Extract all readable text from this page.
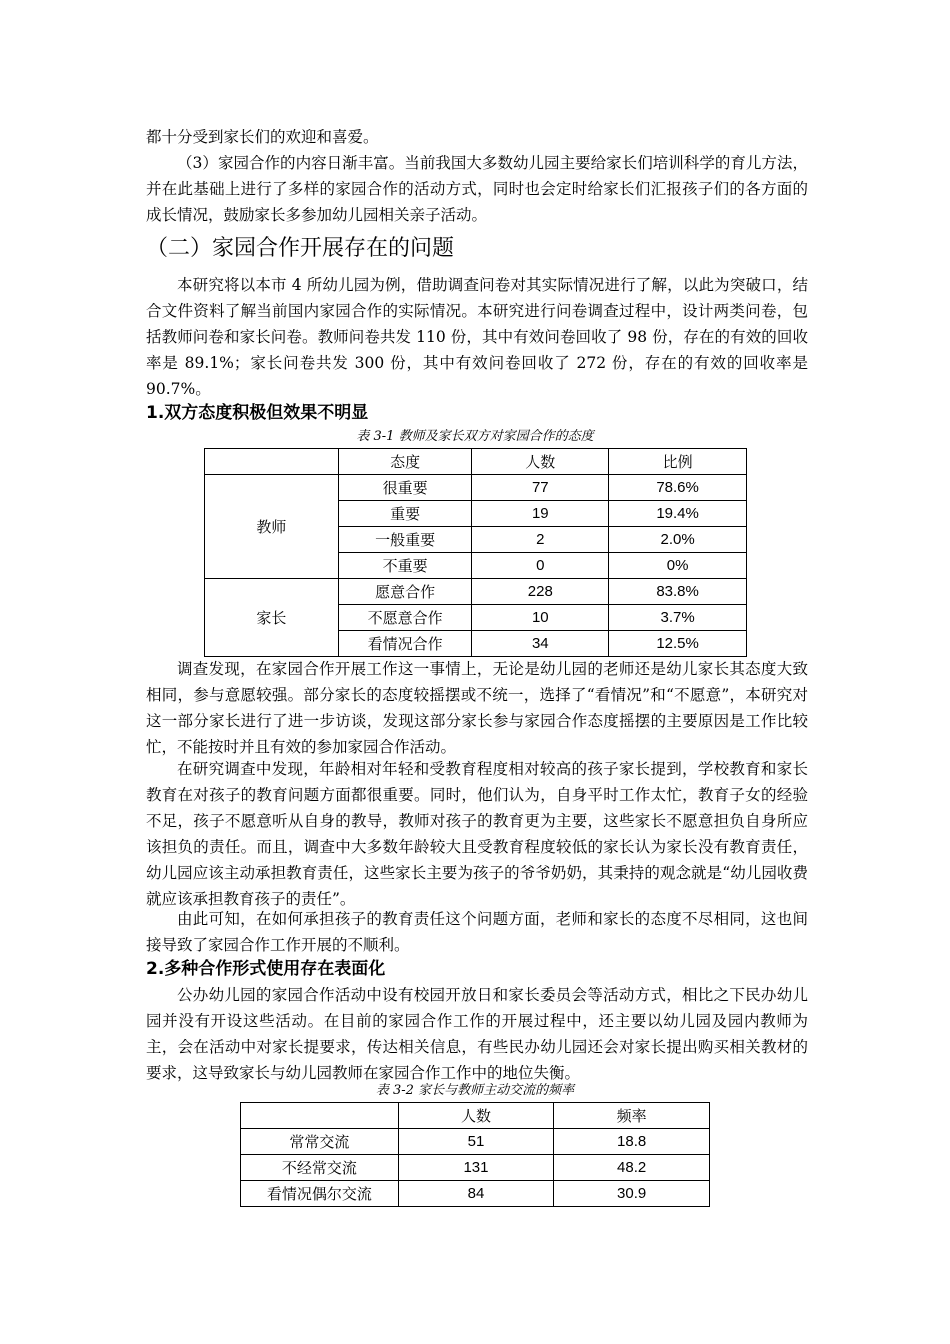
都十分受到家长们的欢迎和喜爱。

（3）家园合作的内容日渐丰富。当前我国大多数幼儿园主要给家长们培训科学的育儿方法，并在此基础上进行了多样的家园合作的活动方式，同时也会定时给家长们汇报孩子们的各方面的成长情况，鼓励家长多参加幼儿园相关亲子活动。

（二）家园合作开展存在的问题

本研究将以本市 4 所幼儿园为例，借助调查问卷对其实际情况进行了解，以此为突破口，结合文件资料了解当前国内家园合作的实际情况。本研究进行问卷调查过程中，设计两类问卷，包括教师问卷和家长问卷。教师问卷共发 110 份，其中有效问卷回收了 98 份，存在的有效的回收率是 89.1%；家长问卷共发 300 份，其中有效问卷回收了 272 份，存在的有效的回收率是 90.7%。

1.双方态度积极但效果不明显

表 3-1 教师及家长双方对家园合作的态度

	态度	人数	比例
教师	很重要	77	78.6%
	重要	19	19.4%
	一般重要	2	2.0%
	不重要	0	0%
家长	愿意合作	228	83.8%
	不愿意合作	10	3.7%
	看情况合作	34	12.5%

调查发现，在家园合作开展工作这一事情上，无论是幼儿园的老师还是幼儿家长其态度大致相同，参与意愿较强。部分家长的态度较摇摆或不统一，选择了“看情况”和“不愿意”，本研究对这一部分家长进行了进一步访谈，发现这部分家长参与家园合作态度摇摆的主要原因是工作比较忙，不能按时并且有效的参加家园合作活动。

在研究调查中发现，年龄相对年轻和受教育程度相对较高的孩子家长提到，学校教育和家长教育在对孩子的教育问题方面都很重要。同时，他们认为，自身平时工作太忙，教育子女的经验不足，孩子不愿意听从自身的教导，教师对孩子的教育更为主要，这些家长不愿意担负自身所应该担负的责任。而且，调查中大多数年龄较大且受教育程度较低的家长认为家长没有教育责任，幼儿园应该主动承担教育责任，这些家长主要为孩子的爷爷奶奶，其秉持的观念就是“幼儿园收费就应该承担教育孩子的责任”。

由此可知，在如何承担孩子的教育责任这个问题方面，老师和家长的态度不尽相同，这也间接导致了家园合作工作开展的不顺利。

2.多种合作形式使用存在表面化

公办幼儿园的家园合作活动中设有校园开放日和家长委员会等活动方式，相比之下民办幼儿园并没有开设这些活动。在目前的家园合作工作的开展过程中，还主要以幼儿园及园内教师为主，会在活动中对家长提要求，传达相关信息，有些民办幼儿园还会对家长提出购买相关教材的要求，这导致家长与幼儿园教师在家园合作工作中的地位失衡。

表 3-2 家长与教师主动交流的频率

	人数	频率
常常交流	51	18.8
不经常交流	131	48.2
看情况偶尔交流	84	30.9
